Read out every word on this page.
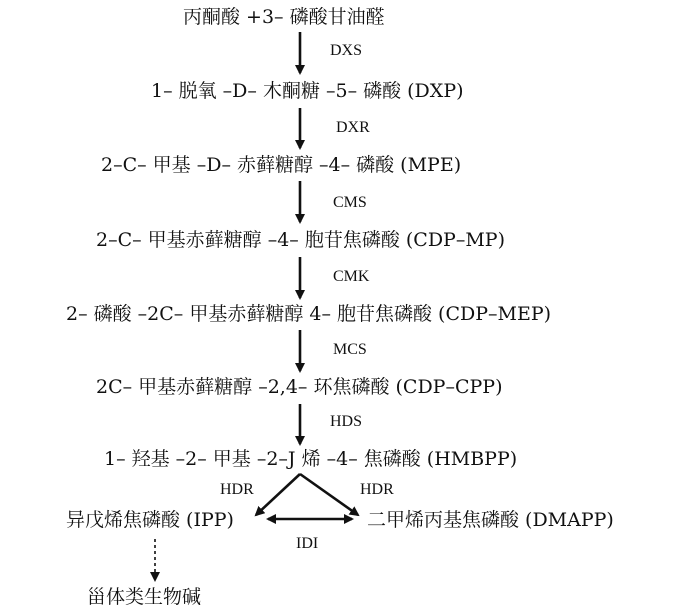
丙酮酸 +3– 磷酸甘油醛
DXS
1– 脱氧 –D– 木酮糖 –5– 磷酸 (DXP)
DXR
2–C– 甲基 –D– 赤藓糖醇 –4– 磷酸 (MPE)
CMS
2–C– 甲基赤藓糖醇 –4– 胞苷焦磷酸 (CDP–MP)
CMK
2– 磷酸 –2C– 甲基赤藓糖醇 4– 胞苷焦磷酸 (CDP–MEP)
MCS
2C– 甲基赤藓糖醇 –2,4– 环焦磷酸 (CDP–CPP)
HDS
1– 羟基 –2– 甲基 –2–J 烯 –4– 焦磷酸 (HMBPP)
HDR	HDR
异戊烯焦磷酸 (IPP)	二甲烯丙基焦磷酸 (DMAPP)
IDI
甾体类生物碱
